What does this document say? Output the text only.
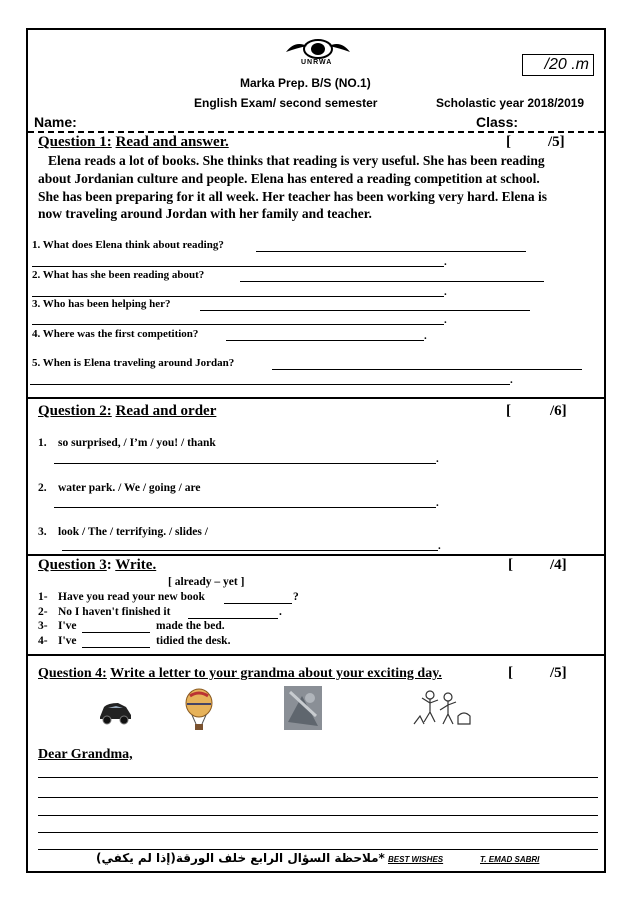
UNRWA	/20 .m
Marka Prep. B/S (NO.1)
English Exam/ second semester	Scholastic year 2018/2019
Name:	Class:
Question 1: Read and answer.	[ /5]
Elena reads a lot of books. She thinks that reading is very useful. She has been reading
about Jordanian culture and people. Elena has entered a reading competition at school.
She has been preparing for it all week. Her teacher has been working very hard. Elena is
now traveling around Jordan with her family and teacher.
1. What does Elena think about reading?
.
2. What has she been reading about?
.
3. Who has been helping her?
.
4. Where was the first competition?	.
5. When is Elena traveling around Jordan?
.
Question 2: Read and order	[	/6]
1. so surprised, / I’m / you! / thank
.
2. water park. / We / going / are
.
3. look / The / terrifying. / slides /
.
Question 3: Write.	[ /4]
[ already – yet ]
1- Have you read your new book	?
2- No I haven't finished it	.
3- I've	made the bed.
4- I've	tidied the desk.
Question 4: Write a letter to your grandma about your exciting day.	[ /5]
Dear Grandma,
*ملاحظة السؤال الرابع خلف الورقة(إذا لم يكفي) BEST WISHES	T. EMAD SABRI
